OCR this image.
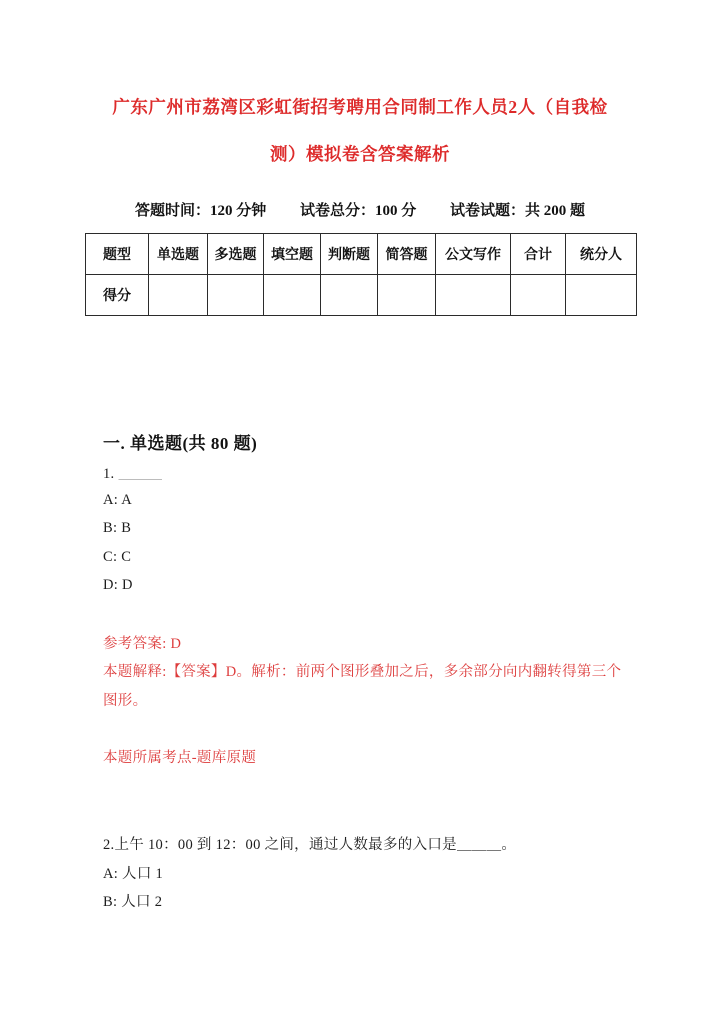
广东广州市荔湾区彩虹街招考聘用合同制工作人员2人（自我检测）模拟卷含答案解析
答题时间：120 分钟 试卷总分：100 分 试卷试题：共 200 题
题型	单选题	多选题	填空题	判断题	简答题	公文写作	合计	统分人
得分								
一. 单选题(共 80 题)
1. ＿＿＿
A: A
B: B
C: C
D: D
参考答案: D
本题解释:【答案】D。解析：前两个图形叠加之后，多余部分向内翻转得第三个图形。
本题所属考点-题库原题
2.上午 10：00 到 12：00 之间，通过人数最多的入口是＿＿＿。
A: 人口 1
B: 人口 2
